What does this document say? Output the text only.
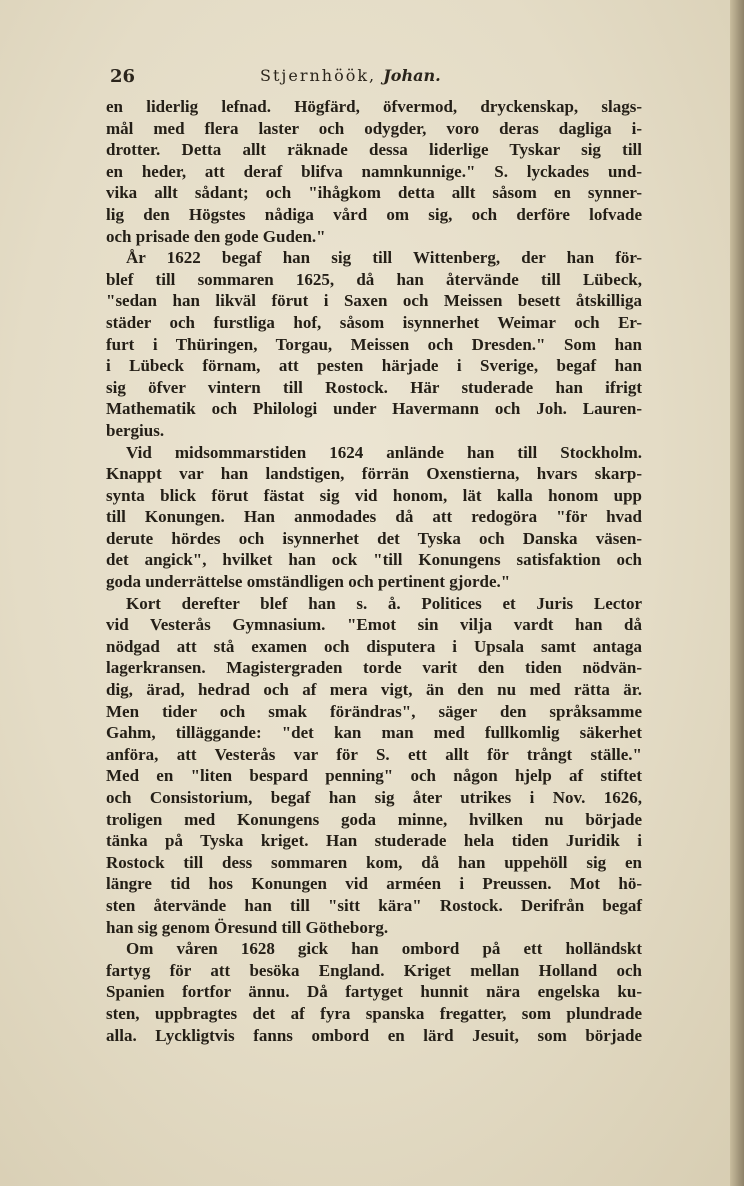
26	Stjernhöök, Johan.
en liderlig lefnad. Högfärd, öfvermod, dryckenskap, slags-
mål med flera laster och odygder, voro deras dagliga i-
drotter. Detta allt räknade dessa liderlige Tyskar sig till
en heder, att deraf blifva namnkunnige." S. lyckades und-
vika allt sådant; och "ihågkom detta allt såsom en synner-
lig den Högstes nådiga vård om sig, och derföre lofvade
och prisade den gode Guden."
År 1622 begaf han sig till Wittenberg, der han för-
blef till sommaren 1625, då han återvände till Lübeck,
"sedan han likväl förut i Saxen och Meissen besett åtskilliga
städer och furstliga hof, såsom isynnerhet Weimar och Er-
furt i Thüringen, Torgau, Meissen och Dresden." Som han
i Lübeck förnam, att pesten härjade i Sverige, begaf han
sig öfver vintern till Rostock. Här studerade han ifrigt
Mathematik och Philologi under Havermann och Joh. Lauren-
bergius.
Vid midsommarstiden 1624 anlände han till Stockholm.
Knappt var han landstigen, förrän Oxenstierna, hvars skarp-
synta blick förut fästat sig vid honom, lät kalla honom upp
till Konungen. Han anmodades då att redogöra "för hvad
derute hördes och isynnerhet det Tyska och Danska väsen-
det angick", hvilket han ock "till Konungens satisfaktion och
goda underrättelse omständligen och pertinent gjorde."
Kort derefter blef han s. å. Politices et Juris Lector
vid Vesterås Gymnasium. "Emot sin vilja vardt han då
nödgad att stå examen och disputera i Upsala samt antaga
lagerkransen. Magistergraden torde varit den tiden nödvän-
dig, ärad, hedrad och af mera vigt, än den nu med rätta är.
Men tider och smak förändras", säger den språksamme
Gahm, tilläggande: "det kan man med fullkomlig säkerhet
anföra, att Vesterås var för S. ett allt för trångt ställe."
Med en "liten bespard penning" och någon hjelp af stiftet
och Consistorium, begaf han sig åter utrikes i Nov. 1626,
troligen med Konungens goda minne, hvilken nu började
tänka på Tyska kriget. Han studerade hela tiden Juridik i
Rostock till dess sommaren kom, då han uppehöll sig en
längre tid hos Konungen vid arméen i Preussen. Mot hö-
sten återvände han till "sitt kära" Rostock. Derifrån begaf
han sig genom Öresund till Götheborg.
Om våren 1628 gick han ombord på ett holländskt
fartyg för att besöka England. Kriget mellan Holland och
Spanien fortfor ännu. Då fartyget hunnit nära engelska ku-
sten, uppbragtes det af fyra spanska fregatter, som plundrade
alla. Lyckligtvis fanns ombord en lärd Jesuit, som började
